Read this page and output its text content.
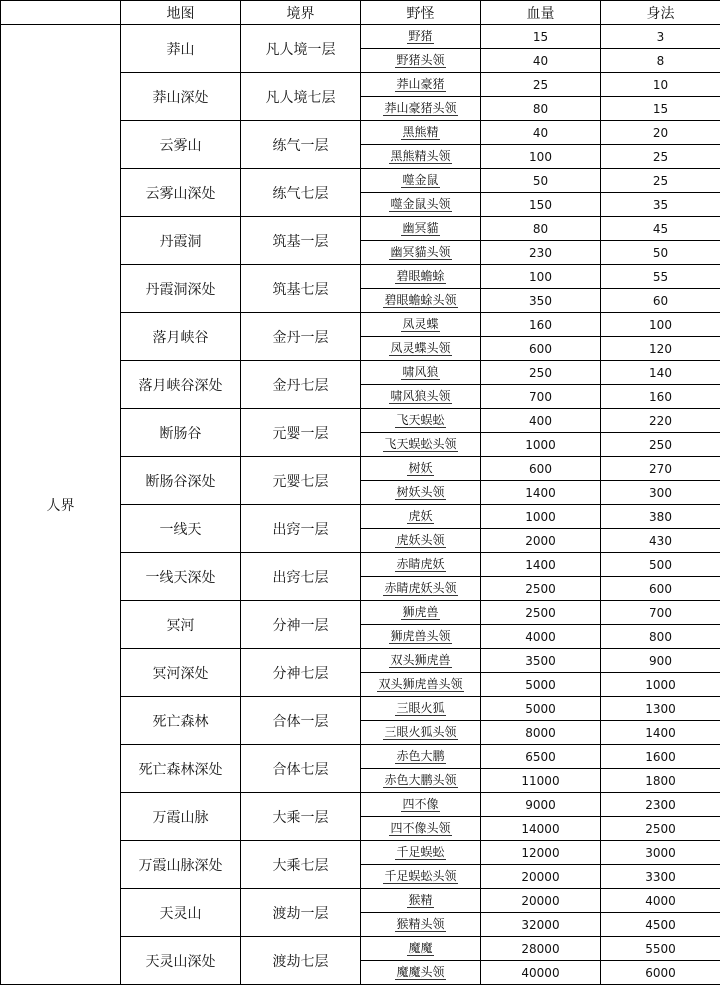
	地图	境界	野怪	血量	身法
人界	莽山	凡人境一层	野猪	15	3
			野猪头领	40	8
	莽山深处	凡人境七层	莽山豪猪	25	10
			莽山豪猪头领	80	15
	云雾山	练气一层	黑熊精	40	20
			黑熊精头领	100	25
	云雾山深处	练气七层	噬金鼠	50	25
			噬金鼠头领	150	35
	丹霞洞	筑基一层	幽冥貓	80	45
			幽冥貓头领	230	50
	丹霞洞深处	筑基七层	碧眼蟾蜍	100	55
			碧眼蟾蜍头领	350	60
	落月峡谷	金丹一层	凤灵蝶	160	100
			凤灵蝶头领	600	120
	落月峡谷深处	金丹七层	啸风狼	250	140
			啸风狼头领	700	160
	断肠谷	元婴一层	飞天蜈蚣	400	220
			飞天蜈蚣头领	1000	250
	断肠谷深处	元婴七层	树妖	600	270
			树妖头领	1400	300
	一线天	出窍一层	虎妖	1000	380
			虎妖头领	2000	430
	一线天深处	出窍七层	赤睛虎妖	1400	500
			赤睛虎妖头领	2500	600
	冥河	分神一层	狮虎兽	2500	700
			狮虎兽头领	4000	800
	冥河深处	分神七层	双头狮虎兽	3500	900
			双头狮虎兽头领	5000	1000
	死亡森林	合体一层	三眼火狐	5000	1300
			三眼火狐头领	8000	1400
	死亡森林深处	合体七层	赤色大鹏	6500	1600
			赤色大鹏头领	11000	1800
	万霞山脉	大乘一层	四不像	9000	2300
			四不像头领	14000	2500
	万霞山脉深处	大乘七层	千足蜈蚣	12000	3000
			千足蜈蚣头领	20000	3300
	天灵山	渡劫一层	猴精	20000	4000
			猴精头领	32000	4500
	天灵山深处	渡劫七层	魔魔	28000	5500
			魔魔头领	40000	6000
